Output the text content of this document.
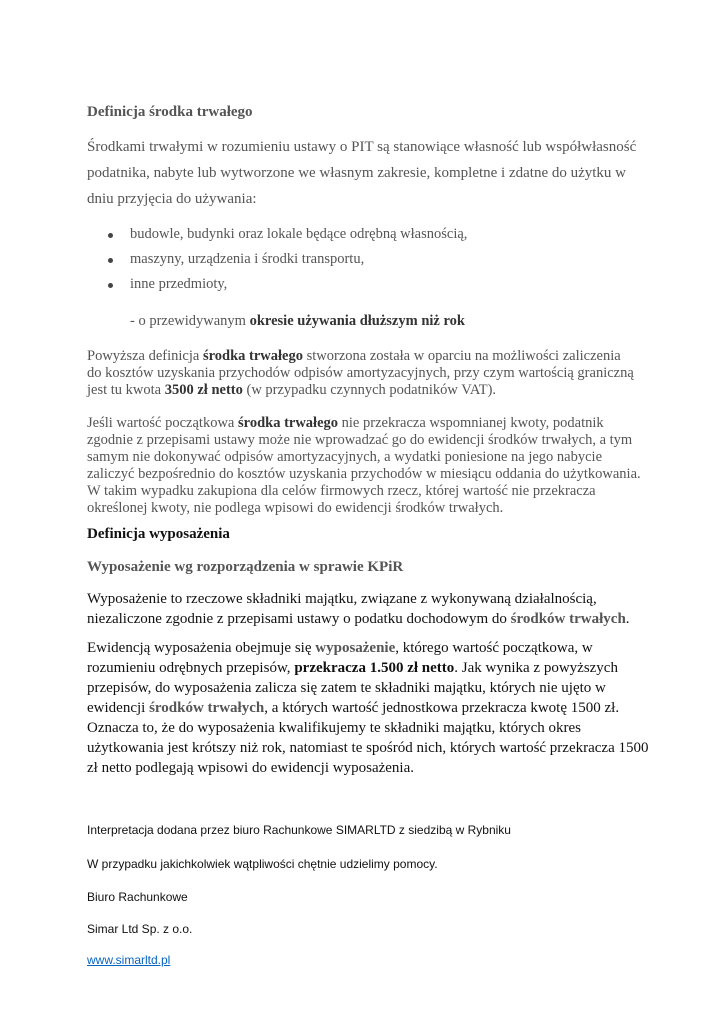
Definicja środka trwałego
Środkami trwałymi w rozumieniu ustawy o PIT są stanowiące własność lub współwłasność podatnika, nabyte lub wytworzone we własnym zakresie, kompletne i zdatne do użytku w dniu przyjęcia do używania:
budowle, budynki oraz lokale będące odrębną własnością,
maszyny, urządzenia i środki transportu,
inne przedmioty,
- o przewidywanym okresie używania dłuższym niż rok
Powyższa definicja środka trwałego stworzona została w oparciu na możliwości zaliczenia do kosztów uzyskania przychodów odpisów amortyzacyjnych, przy czym wartością graniczną jest tu kwota 3500 zł netto (w przypadku czynnych podatników VAT).
Jeśli wartość początkowa środka trwałego nie przekracza wspomnianej kwoty, podatnik zgodnie z przepisami ustawy może nie wprowadzać go do ewidencji środków trwałych, a tym samym nie dokonywać odpisów amortyzacyjnych, a wydatki poniesione na jego nabycie zaliczyć bezpośrednio do kosztów uzyskania przychodów w miesiącu oddania do użytkowania. W takim wypadku zakupiona dla celów firmowych rzecz, której wartość nie przekracza określonej kwoty, nie podlega wpisowi do ewidencji środków trwałych.
Definicja wyposażenia
Wyposażenie wg rozporządzenia w sprawie KPiR
Wyposażenie to rzeczowe składniki majątku, związane z wykonywaną działalnością, niezaliczone zgodnie z przepisami ustawy o podatku dochodowym do środków trwałych.
Ewidencją wyposażenia obejmuje się wyposażenie, którego wartość początkowa, w rozumieniu odrębnych przepisów, przekracza 1.500 zł netto. Jak wynika z powyższych przepisów, do wyposażenia zalicza się zatem te składniki majątku, których nie ujęto w ewidencji środków trwałych, a których wartość jednostkowa przekracza kwotę 1500 zł. Oznacza to, że do wyposażenia kwalifikujemy te składniki majątku, których okres użytkowania jest krótszy niż rok, natomiast te spośród nich, których wartość przekracza 1500 zł netto podlegają wpisowi do ewidencji wyposażenia.
Interpretacja dodana przez biuro Rachunkowe SIMARLTD z siedzibą w Rybniku
W przypadku jakichkolwiek wątpliwości chętnie udzielimy pomocy.
Biuro Rachunkowe
Simar Ltd Sp. z o.o.
www.simarltd.pl
